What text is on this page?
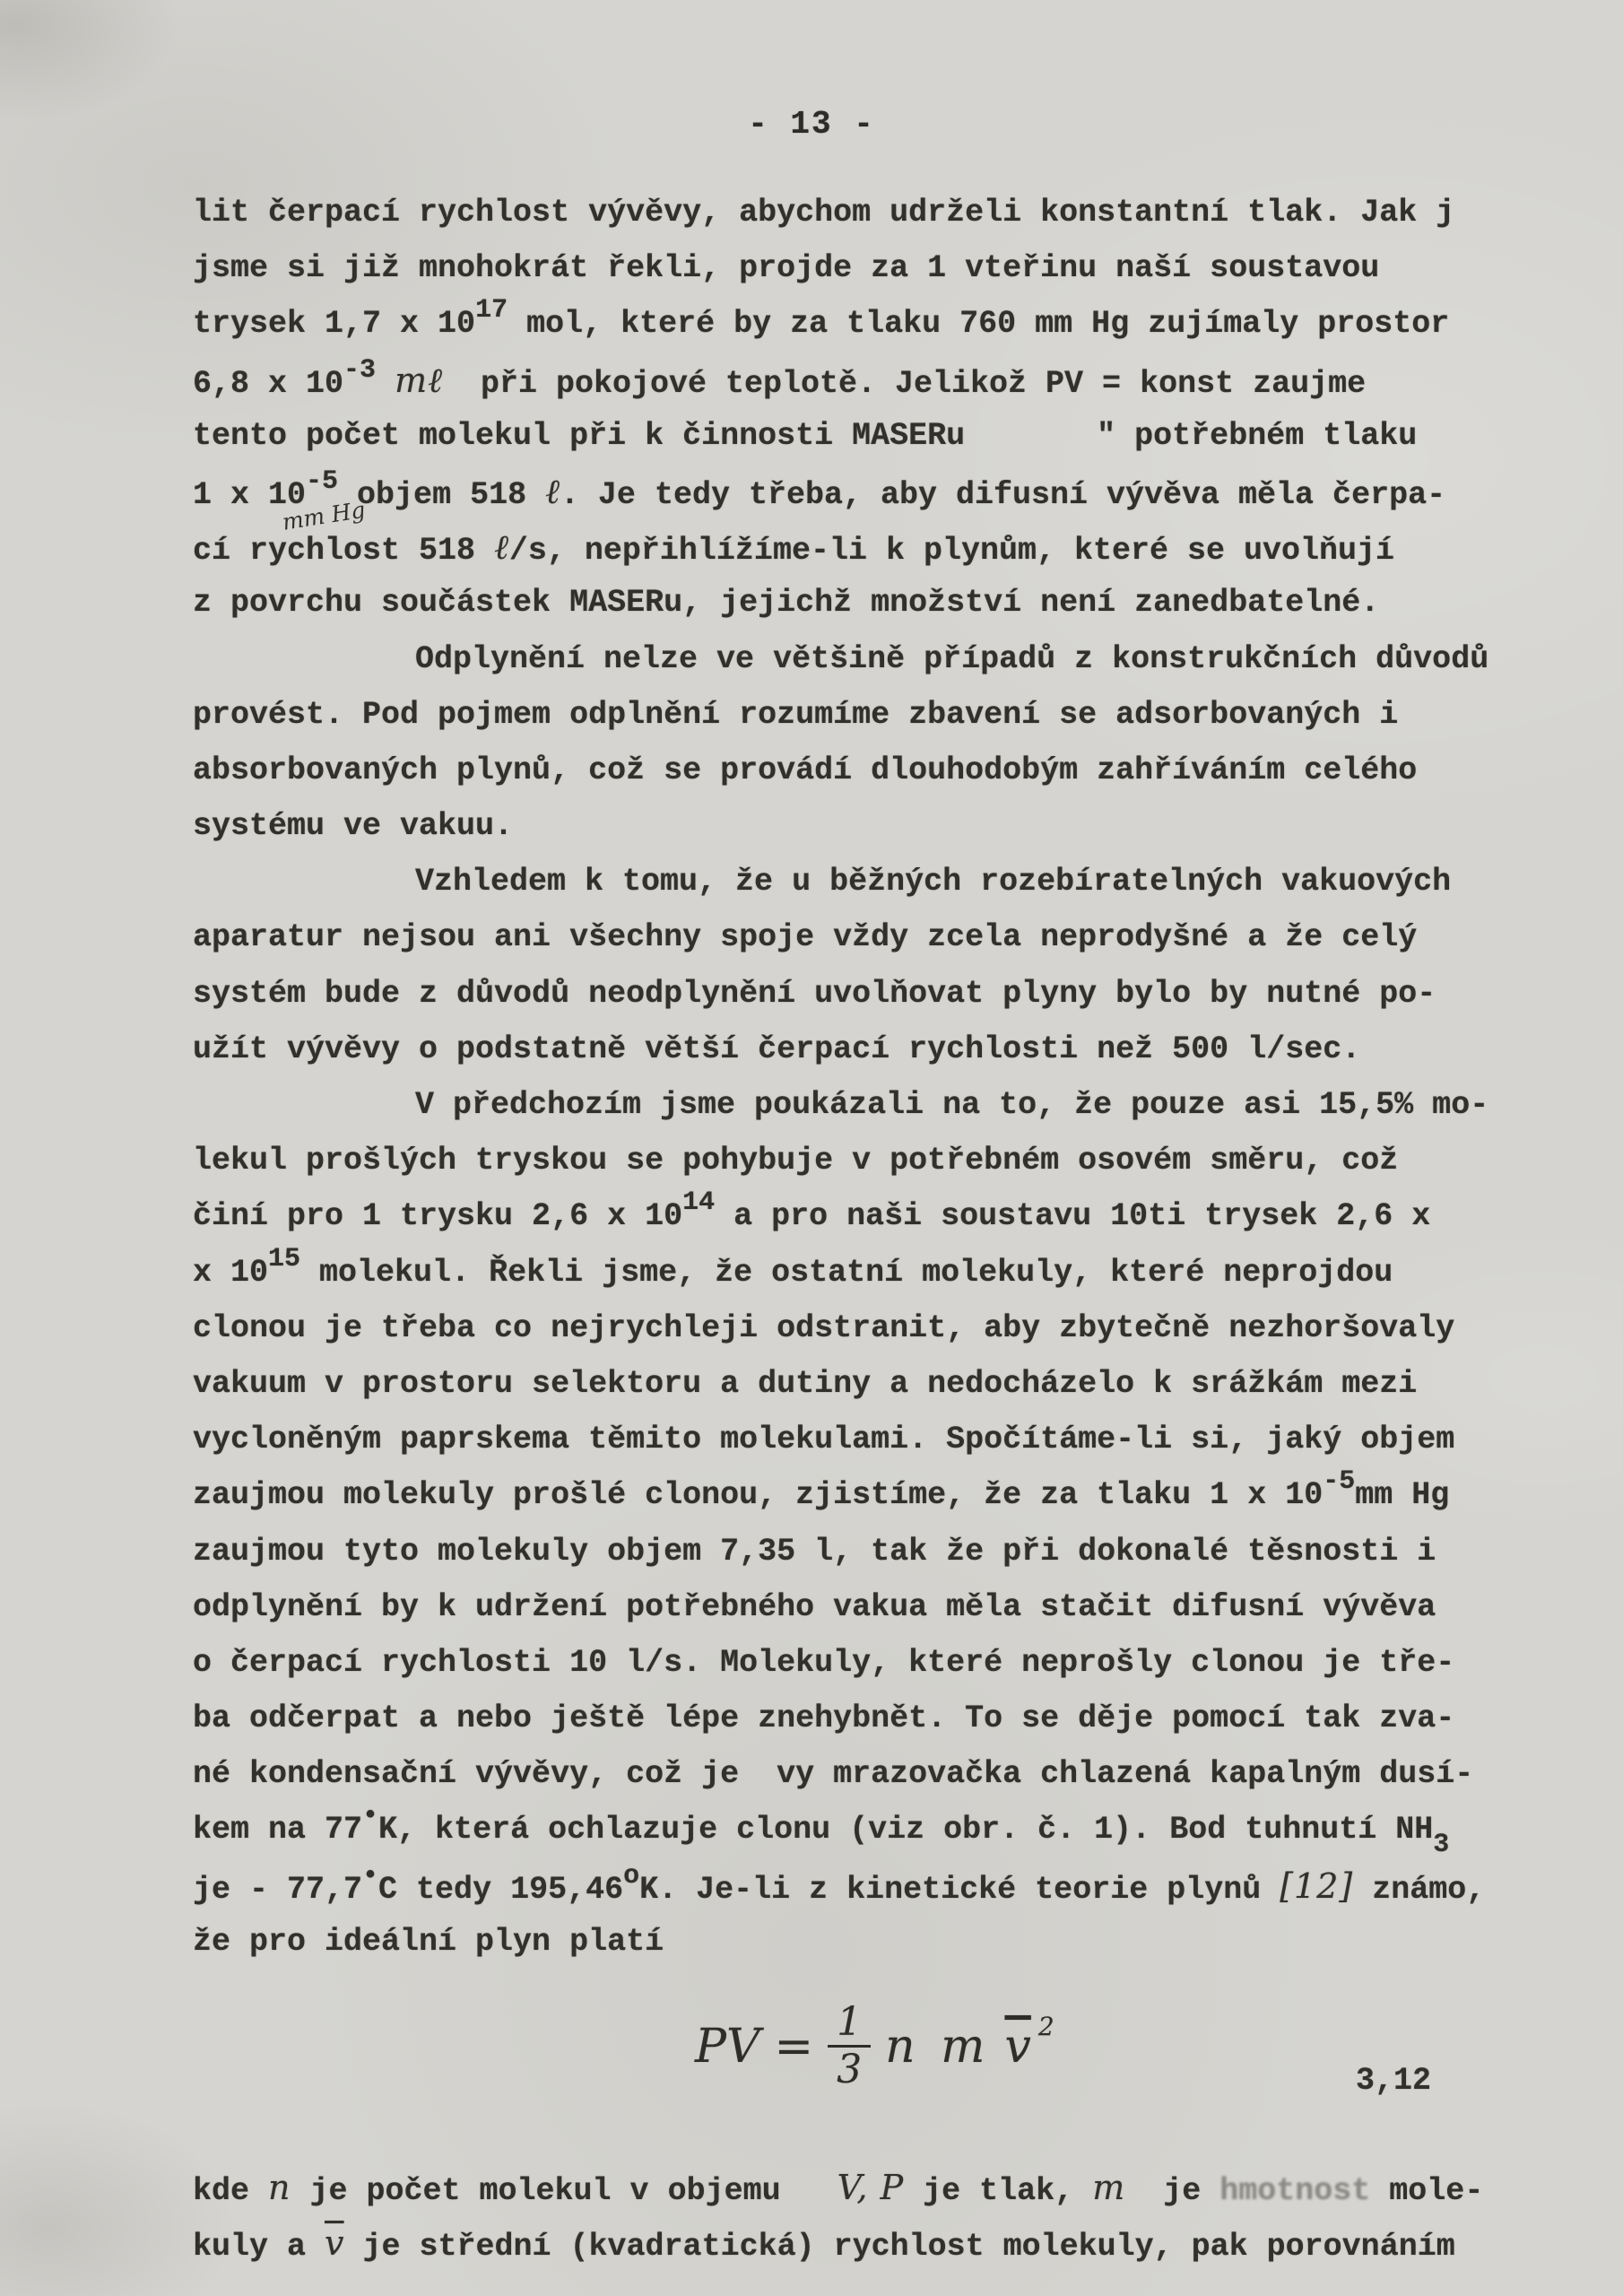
- 13 -
lit čerpací rychlost vývěvy, abychom udrželi konstantní tlak. Jak j
jsme si již mnohokrát řekli, projde za 1 vteřinu naší soustavou
trysek 1,7 x 1017 mol, které by za tlaku 760 mm Hg zujímaly prostor
6,8 x 10-3 mℓ  při pokojové teplotě. Jelikož PV = konst zaujme
tento počet molekul při k činnosti MASERu       " potřebném tlaku
1 x 10-5mm Hg objem 518 ℓ. Je tedy třeba, aby difusní vývěva měla čerpa-
cí rychlost 518 ℓ/s, nepřihlížíme-li k plynům, které se uvolňují
z povrchu součástek MASERu, jejichž množství není zanedbatelné.
Odplynění nelze ve většině případů z konstrukčních důvodů
provést. Pod pojmem odplnění rozumíme zbavení se adsorbovaných i
absorbovaných plynů, což se provádí dlouhodobým zahříváním celého
systému ve vakuu.
Vzhledem k tomu, že u běžných rozebíratelných vakuových
aparatur nejsou ani všechny spoje vždy zcela neprodyšné a že celý
systém bude z důvodů neodplynění uvolňovat plyny bylo by nutné po-
užít vývěvy o podstatně větší čerpací rychlosti než 500 l/sec.
V předchozím jsme poukázali na to, že pouze asi 15,5% mo-
lekul prošlých tryskou se pohybuje v potřebném osovém směru, což
činí pro 1 trysku 2,6 x 1014 a pro naši soustavu 10ti trysek 2,6 x
x 1015 molekul. Řekli jsme, že ostatní molekuly, které neprojdou
clonou je třeba co nejrychleji odstranit, aby zbytečně nezhoršovaly
vakuum v prostoru selektoru a dutiny a nedocházelo k srážkám mezi
vycloněným paprskema těmito molekulami. Spočítáme-li si, jaký objem
zaujmou molekuly prošlé clonou, zjistíme, že za tlaku 1 x 10-5mm Hg
zaujmou tyto molekuly objem 7,35 l, tak že při dokonalé těsnosti i
odplynění by k udržení potřebného vakua měla stačit difusní vývěva
o čerpací rychlosti 10 l/s. Molekuly, které neprošly clonou je tře-
ba odčerpat a nebo ještě lépe znehybnět. To se děje pomocí tak zva-
né kondensační vývěvy, což je  vy mrazovačka chlazená kapalným dusí-
kem na 77•K, která ochlazuje clonu (viz obr. č. 1). Bod tuhnutí NH3
je - 77,7•C tedy 195,46oK. Je-li z kinetické teorie plynů [12] známo,
že pro ideální plyn platí
PV = $\frac{1}{3}$ n m $\overline{v}$ 2
3,12
kde n je počet molekul v objemu   V, P je tlak, m  je hmotnost mole-
kuly a $\overline{v}$ je střední (kvadratická) rychlost molekuly, pak porovnáním
